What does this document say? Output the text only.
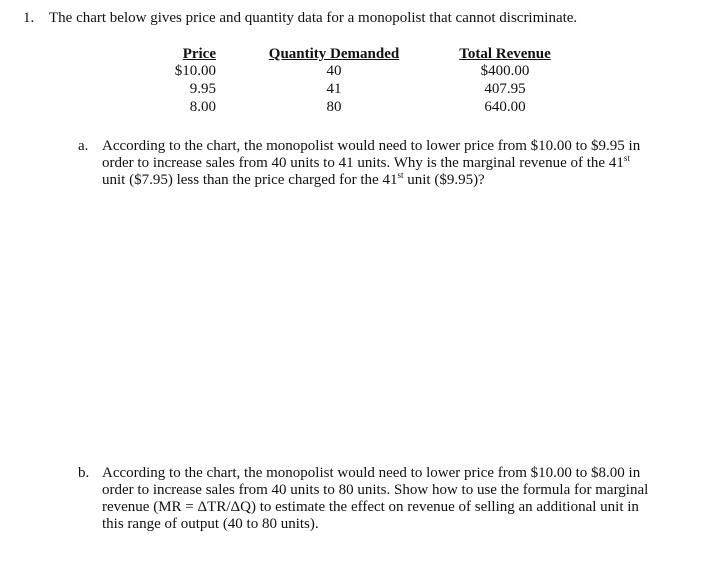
1. The chart below gives price and quantity data for a monopolist that cannot discriminate.
Price
$10.00
9.95
8.00
Quantity Demanded
40
41
80
Total Revenue
$400.00
407.95
640.00
a. According to the chart, the monopolist would need to lower price from $10.00 to $9.95 in
order to increase sales from 40 units to 41 units. Why is the marginal revenue of the 41st
unit ($7.95) less than the price charged for the 41st unit ($9.95)?
b. According to the chart, the monopolist would need to lower price from $10.00 to $8.00 in
order to increase sales from 40 units to 80 units. Show how to use the formula for marginal
revenue (MR = ΔTR/ΔQ) to estimate the effect on revenue of selling an additional unit in
this range of output (40 to 80 units).
